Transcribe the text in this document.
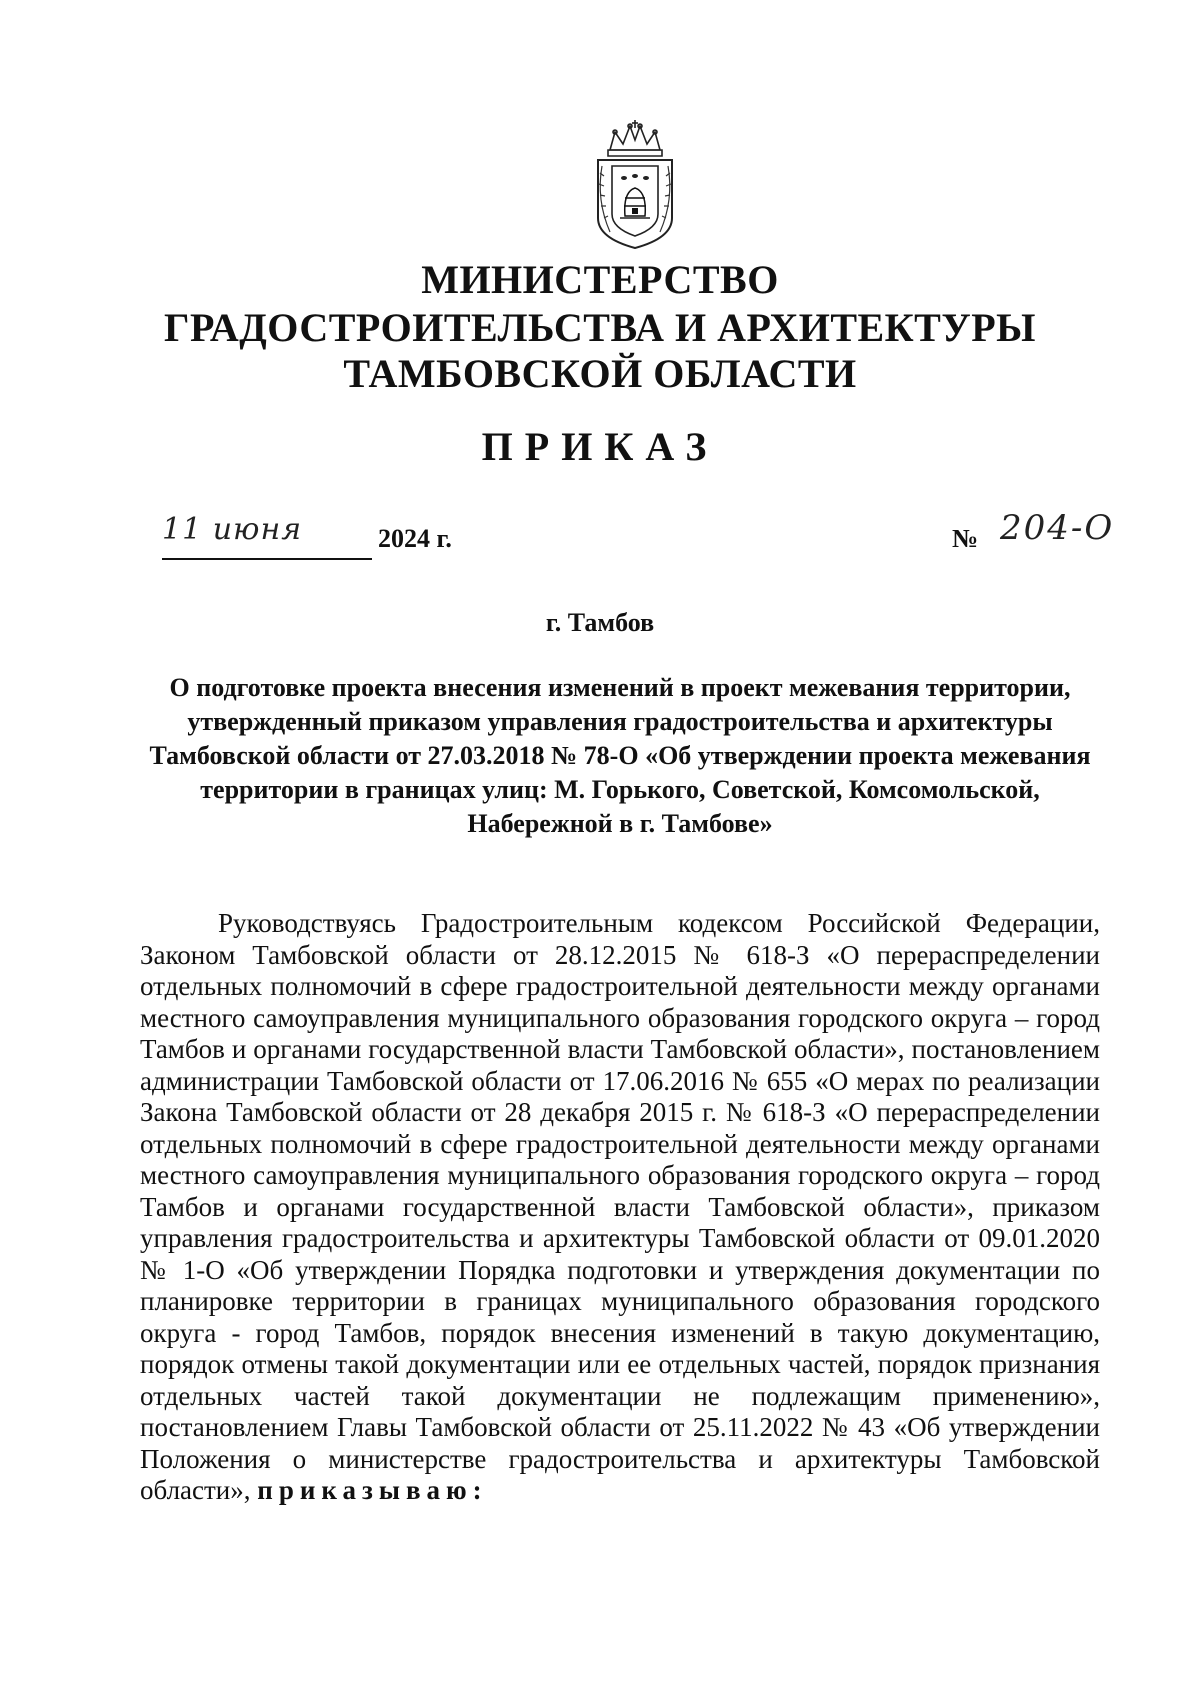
МИНИСТЕРСТВО
ГРАДОСТРОИТЕЛЬСТВА И АРХИТЕКТУРЫ
ТАМБОВСКОЙ ОБЛАСТИ
ПРИКАЗ
11 июня	2024 г.	№ 204-О
г. Тамбов
О подготовке проекта внесения изменений в проект межевания территории, утвержденный приказом управления градостроительства и архитектуры Тамбовской области от 27.03.2018 № 78-О «Об утверждении проекта межевания территории в границах улиц: М. Горького, Советской, Комсомольской, Набережной в г. Тамбове»
Руководствуясь Градостроительным кодексом Российской Федерации, Законом Тамбовской области от 28.12.2015 № 618-З «О перераспределении отдельных полномочий в сфере градостроительной деятельности между органами местного самоуправления муниципального образования городского округа – город Тамбов и органами государственной власти Тамбовской области», постановлением администрации Тамбовской области от 17.06.2016 № 655 «О мерах по реализации Закона Тамбовской области от 28 декабря 2015 г. № 618-З «О перераспределении отдельных полномочий в сфере градостроительной деятельности между органами местного самоуправления муниципального образования городского округа – город Тамбов и органами государственной власти Тамбовской области», приказом управления градостроительства и архитектуры Тамбовской области от 09.01.2020 № 1-О «Об утверждении Порядка подготовки и утверждения документации по планировке территории в границах муниципального образования городского округа - город Тамбов, порядок внесения изменений в такую документацию, порядок отмены такой документации или ее отдельных частей, порядок признания отдельных частей такой документации не подлежащим применению», постановлением Главы Тамбовской области от 25.11.2022 № 43 «Об утверждении Положения о министерстве градостроительства и архитектуры Тамбовской области», приказываю:
